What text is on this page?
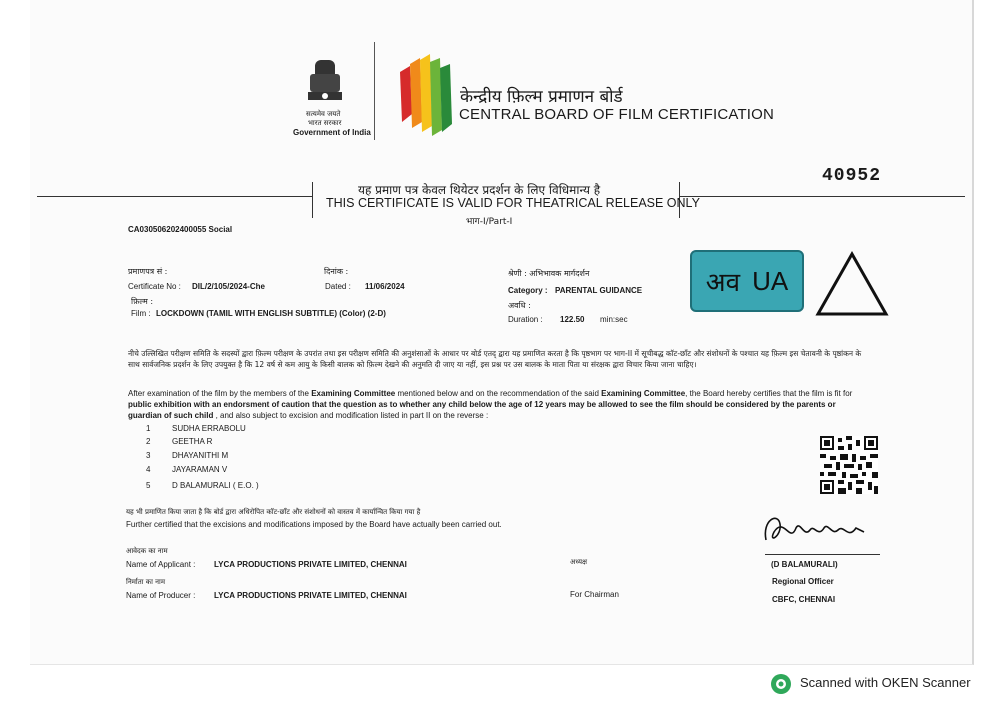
सत्यमेव जयते
भारत सरकार
Government of India
केन्द्रीय फ़िल्म प्रमाणन बोर्ड
CENTRAL BOARD OF FILM CERTIFICATION
40952
यह प्रमाण पत्र केवल थियेटर प्रदर्शन के लिए विधिमान्य है
THIS CERTIFICATE IS VALID FOR THEATRICAL RELEASE ONLY
भाग-I/Part-I
CA030506202400055 Social
प्रमाणपत्र सं :
Certificate No : DIL/2/105/2024-Che
दिनांक :
Dated : 11/06/2024
श्रेणी : अभिभावक मार्गदर्शन
Category : PARENTAL GUIDANCE
फ़िल्म :
Film : LOCKDOWN (TAMIL WITH ENGLISH SUBTITLE) (Color) (2-D)
अवधि :
Duration : 122.50 min:sec
अव UA
नीचे उल्लिखित परीक्षण समिति के सदस्यों द्वारा फ़िल्म परीक्षण के उपरांत तथा इस परीक्षण समिति की अनुशंसाओं के आधार पर बोर्ड एतद् द्वारा यह प्रमाणित करता है कि पृष्ठभाग पर भाग-II में सूचीबद्ध कॉट-छाँट और संशोधनों के पश्चात यह फ़िल्म इस चेतावनी के पृष्ठांकन के साथ सार्वजनिक प्रदर्शन के लिए उपयुक्त है कि 12 वर्ष से कम आयु के किसी बालक को फ़िल्म देखने की अनुमति दी जाए या नहीं, इस प्रश्न पर उस बालक के माता पिता या संरक्षक द्वारा विचार किया जाना चाहिए।
After examination of the film by the members of the Examining Committee mentioned below and on the recommendation of the said Examining Committee, the Board hereby certifies that the film is fit for public exhibition with an endorsment of caution that the question as to whether any child below the age of 12 years may be allowed to see the film should be considered by the parents or guardian of such child , and also subject to excision and modification listed in part II on the reverse :
1	SUDHA ERRABOLU
2	GEETHA R
3	DHAYANITHI M
4	JAYARAMAN V
5	D BALAMURALI ( E.O. )
यह भी प्रमाणित किया जाता है कि बोर्ड द्वारा अधिरोपित कॉट-छाँट और संशोधनों को वास्तव में कार्यान्वित किया गया है
Further certified that the excisions and modifications imposed by the Board have actually been carried out.
आवेदक का नाम
Name of Applicant : LYCA PRODUCTIONS PRIVATE LIMITED, CHENNAI
निर्माता का नाम
Name of Producer : LYCA PRODUCTIONS PRIVATE LIMITED, CHENNAI
अध्यक्ष
For Chairman
(D BALAMURALI)
Regional Officer
CBFC, CHENNAI
Scanned with OKEN Scanner
